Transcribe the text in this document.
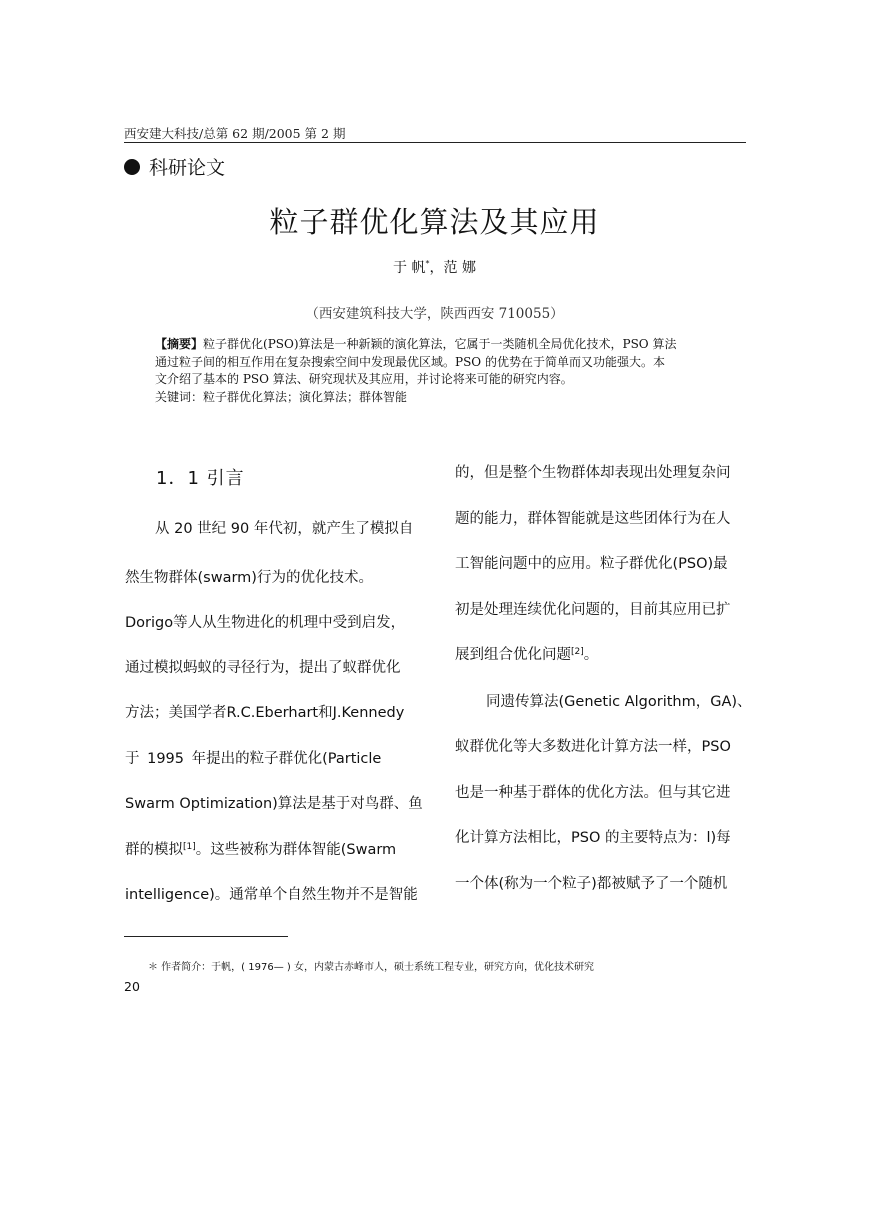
西安建大科技/总第 62 期/2005 第 2 期
科研论文
粒子群优化算法及其应用
于 帆*，范 娜
（西安建筑科技大学，陕西西安 710055）
【摘要】粒子群优化(PSO)算法是一种新颖的演化算法，它属于一类随机全局优化技术，PSO 算法
通过粒子间的相互作用在复杂搜索空间中发现最优区域。PSO 的优势在于简单而又功能强大。本
文介绍了基本的 PSO 算法、研究现状及其应用，并讨论将来可能的研究内容。
关键词：粒子群优化算法；演化算法；群体智能
1．1 引言
从 20 世纪 90 年代初，就产生了模拟自
然生物群体(swarm)行为的优化技术。
Dorigo等人从生物进化的机理中受到启发，
通过模拟蚂蚁的寻径行为，提出了蚁群优化
方法；美国学者R.C.Eberhart和J.Kennedy
于 1995 年提出的粒子群优化(Particle
Swarm Optimization)算法是基于对鸟群、鱼
群的模拟[1]。这些被称为群体智能(Swarm
intelligence)。通常单个自然生物并不是智能
的，但是整个生物群体却表现出处理复杂问
题的能力，群体智能就是这些团体行为在人
工智能问题中的应用。粒子群优化(PSO)最
初是处理连续优化问题的，目前其应用已扩
展到组合优化问题[2]。
同遗传算法(Genetic Algorithm，GA)、
蚁群优化等大多数进化计算方法一样，PSO
也是一种基于群体的优化方法。但与其它进
化计算方法相比，PSO 的主要特点为：l)每
一个体(称为一个粒子)都被赋予了一个随机
＊ 作者简介：于帆，( 1976— ) 女，内蒙古赤峰市人，硕士系统工程专业，研究方向，优化技术研究
20
